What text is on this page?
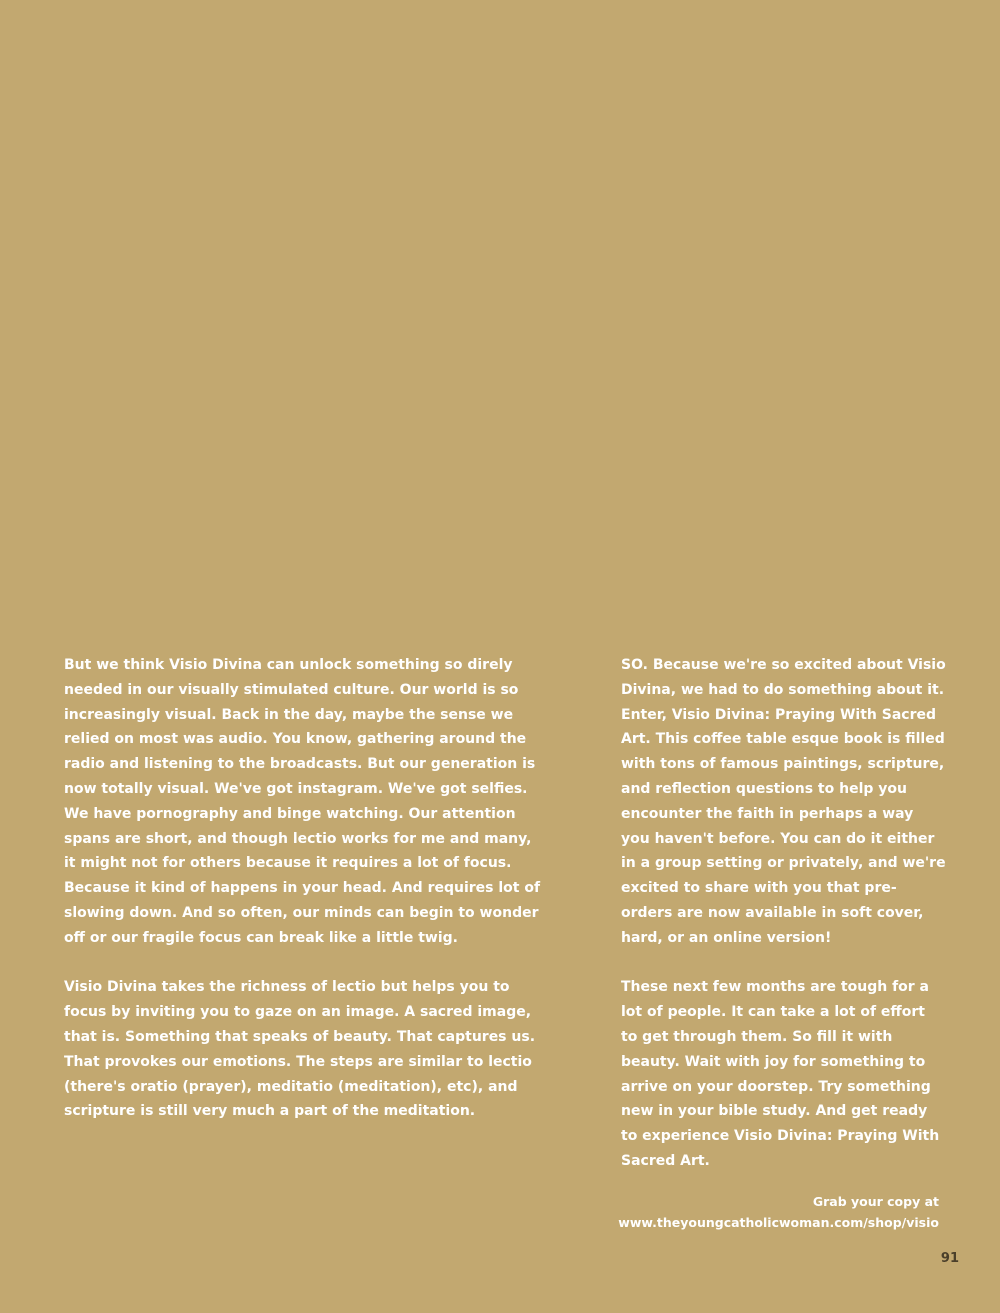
But we think Visio Divina can unlock something so direly needed in our visually stimulated culture. Our world is so increasingly visual. Back in the day, maybe the sense we relied on most was audio. You know, gathering around the radio and listening to the broadcasts. But our generation is now totally visual. We've got instagram. We've got selfies. We have pornography and binge watching. Our attention spans are short, and though lectio works for me and many, it might not for others because it requires a lot of focus. Because it kind of happens in your head. And requires lot of slowing down. And so often, our minds can begin to wonder off or our fragile focus can break like a little twig.

Visio Divina takes the richness of lectio but helps you to focus by inviting you to gaze on an image. A sacred image, that is. Something that speaks of beauty. That captures us. That provokes our emotions. The steps are similar to lectio (there's oratio (prayer), meditatio (meditation), etc), and scripture is still very much a part of the meditation.

SO. Because we're so excited about Visio Divina, we had to do something about it. Enter, Visio Divina: Praying With Sacred Art. This coffee table esque book is filled with tons of famous paintings, scripture, and reflection questions to help you encounter the faith in perhaps a way you haven't before. You can do it either in a group setting or privately, and we're excited to share with you that pre-orders are now available in soft cover, hard, or an online version!

These next few months are tough for a lot of people. It can take a lot of effort to get through them. So fill it with beauty. Wait with joy for something to arrive on your doorstep. Try something new in your bible study. And get ready to experience Visio Divina: Praying With Sacred Art.

Grab your copy at
www.theyoungcatholicwoman.com/shop/visio
91
